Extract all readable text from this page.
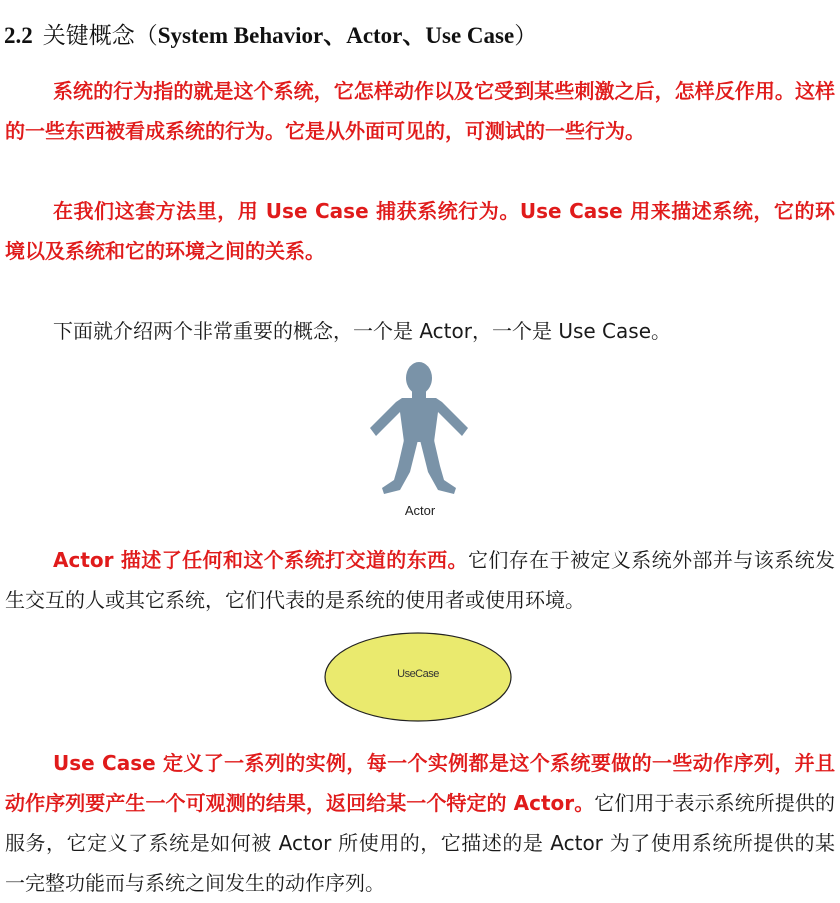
2.2 关键概念（System Behavior、Actor、Use Case）
系统的行为指的就是这个系统，它怎样动作以及它受到某些刺激之后，怎样反作用。这样的一些东西被看成系统的行为。它是从外面可见的，可测试的一些行为。
在我们这套方法里，用 Use Case 捕获系统行为。Use Case 用来描述系统，它的环境以及系统和它的环境之间的关系。
下面就介绍两个非常重要的概念，一个是 Actor，一个是 Use Case。
Actor
Actor 描述了任何和这个系统打交道的东西。它们存在于被定义系统外部并与该系统发生交互的人或其它系统，它们代表的是系统的使用者或使用环境。
UseCase
Use Case 定义了一系列的实例，每一个实例都是这个系统要做的一些动作序列，并且动作序列要产生一个可观测的结果，返回给某一个特定的 Actor。它们用于表示系统所提供的服务，它定义了系统是如何被 Actor 所使用的，它描述的是 Actor 为了使用系统所提供的某一完整功能而与系统之间发生的动作序列。
